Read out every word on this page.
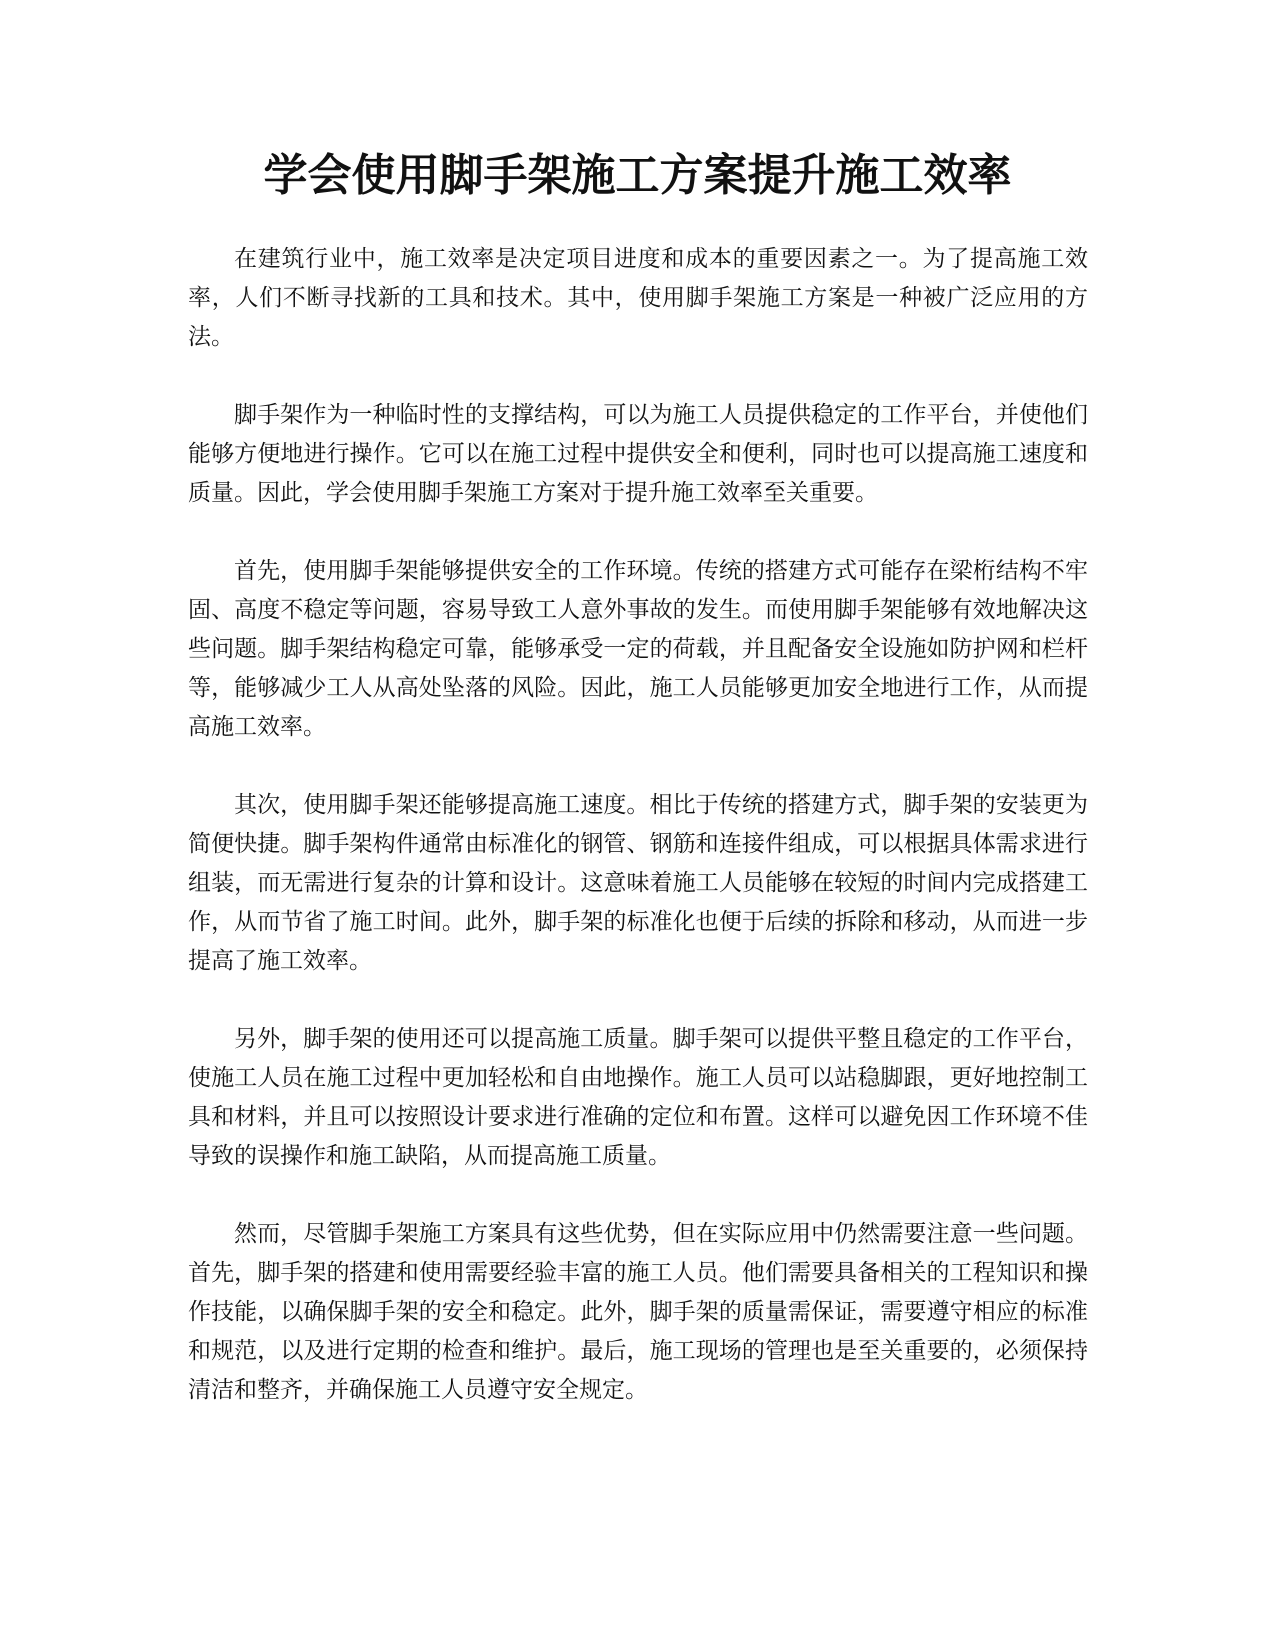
学会使用脚手架施工方案提升施工效率

在建筑行业中，施工效率是决定项目进度和成本的重要因素之一。为了提高施工效率，人们不断寻找新的工具和技术。其中，使用脚手架施工方案是一种被广泛应用的方法。

脚手架作为一种临时性的支撑结构，可以为施工人员提供稳定的工作平台，并使他们能够方便地进行操作。它可以在施工过程中提供安全和便利，同时也可以提高施工速度和质量。因此，学会使用脚手架施工方案对于提升施工效率至关重要。

首先，使用脚手架能够提供安全的工作环境。传统的搭建方式可能存在梁桁结构不牢固、高度不稳定等问题，容易导致工人意外事故的发生。而使用脚手架能够有效地解决这些问题。脚手架结构稳定可靠，能够承受一定的荷载，并且配备安全设施如防护网和栏杆等，能够减少工人从高处坠落的风险。因此，施工人员能够更加安全地进行工作，从而提高施工效率。

其次，使用脚手架还能够提高施工速度。相比于传统的搭建方式，脚手架的安装更为简便快捷。脚手架构件通常由标准化的钢管、钢筋和连接件组成，可以根据具体需求进行组装，而无需进行复杂的计算和设计。这意味着施工人员能够在较短的时间内完成搭建工作，从而节省了施工时间。此外，脚手架的标准化也便于后续的拆除和移动，从而进一步提高了施工效率。

另外，脚手架的使用还可以提高施工质量。脚手架可以提供平整且稳定的工作平台，使施工人员在施工过程中更加轻松和自由地操作。施工人员可以站稳脚跟，更好地控制工具和材料，并且可以按照设计要求进行准确的定位和布置。这样可以避免因工作环境不佳导致的误操作和施工缺陷，从而提高施工质量。

然而，尽管脚手架施工方案具有这些优势，但在实际应用中仍然需要注意一些问题。首先，脚手架的搭建和使用需要经验丰富的施工人员。他们需要具备相关的工程知识和操作技能，以确保脚手架的安全和稳定。此外，脚手架的质量需保证，需要遵守相应的标准和规范，以及进行定期的检查和维护。最后，施工现场的管理也是至关重要的，必须保持清洁和整齐，并确保施工人员遵守安全规定。
